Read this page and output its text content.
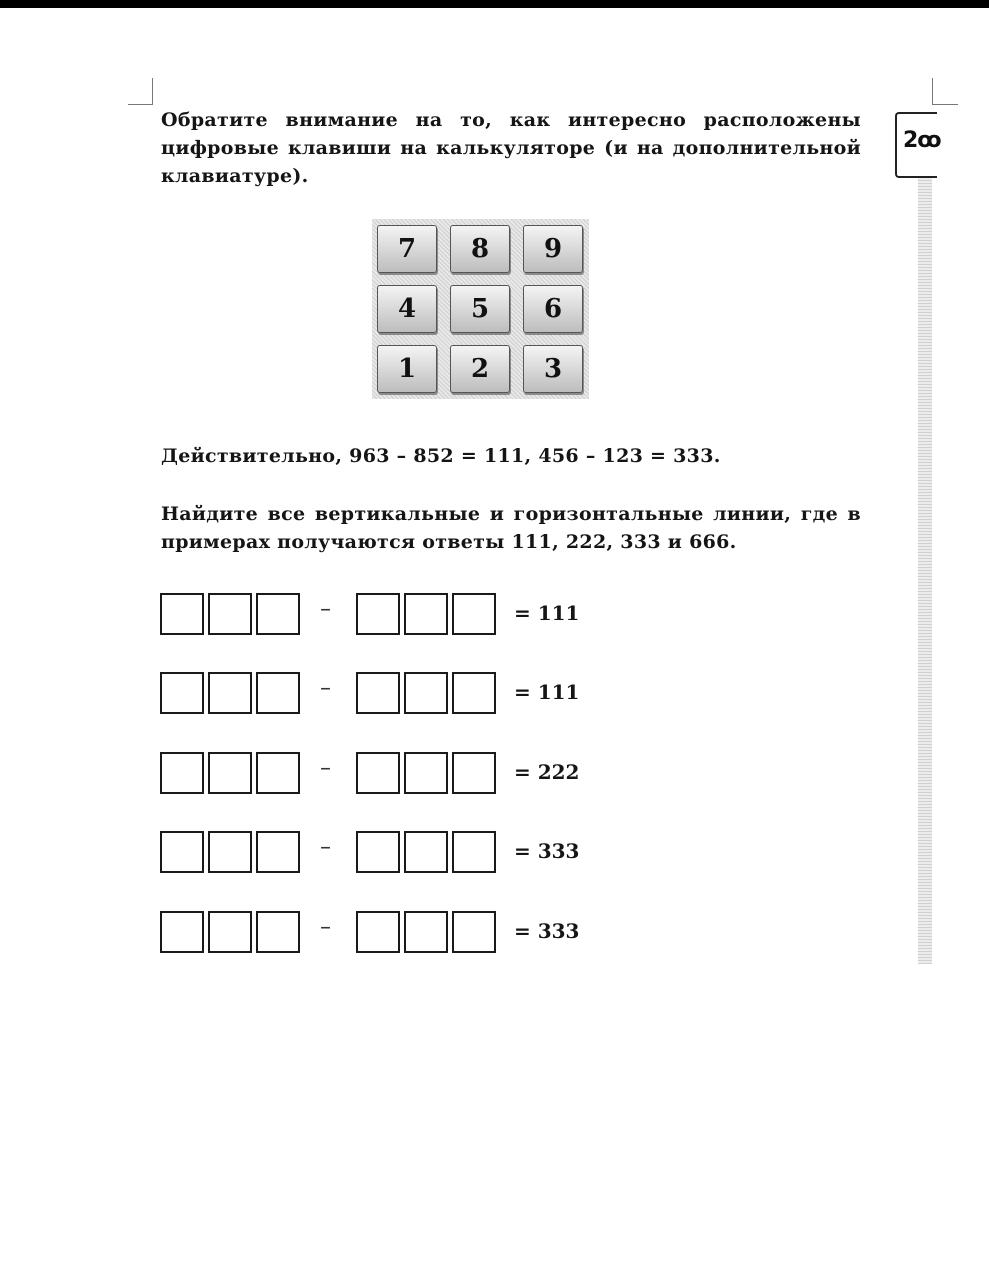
2ꝏ
Обратите внимание на то, как интересно расположены цифровые клавиши на калькуляторе (и на дополнительной клавиатуре).
7	8	9
4	5	6
1	2	3
Действительно, 963 – 852 = 111, 456 – 123 = 333.
Найдите все вертикальные и горизонтальные линии, где в примерах получаются ответы 111, 222, 333 и 666.
–	= 111
–	= 111
–	= 222
–	= 333
–	= 333
